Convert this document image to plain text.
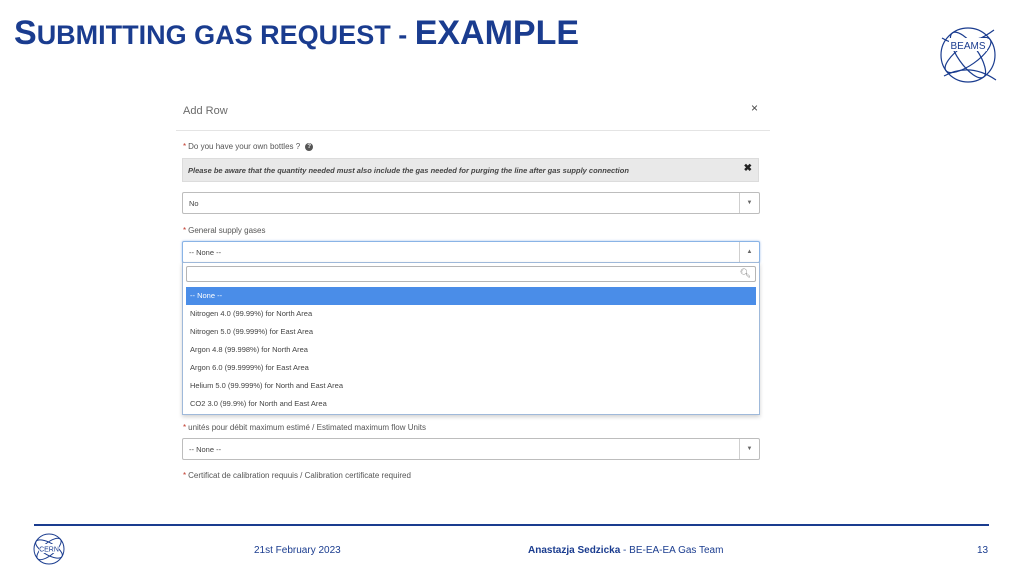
SUBMITTING GAS REQUEST - EXAMPLE	BEAMS
Add Row	×
* Do you have your own bottles ? ?
Please be aware that the quantity needed must also include the gas needed for purging the line after gas supply connection	✖
No	▼
* General supply gases
-- None --	▲
🔍︎
-- None --
Nitrogen 4.0 (99.99%) for North Area
Nitrogen 5.0 (99.999%) for East Area
Argon 4.8 (99.998%) for North Area
Argon 6.0 (99.9999%) for East Area
Helium 5.0 (99.999%) for North and East Area
CO2 3.0 (99.9%) for North and East Area
* unités pour débit maximum estimé / Estimated maximum flow Units
-- None --	▼
* Certificat de calibration requuis / Calibration certificate required
CERN	21st February 2023	Anastazja Sedzicka - BE-EA-EA Gas Team	13
